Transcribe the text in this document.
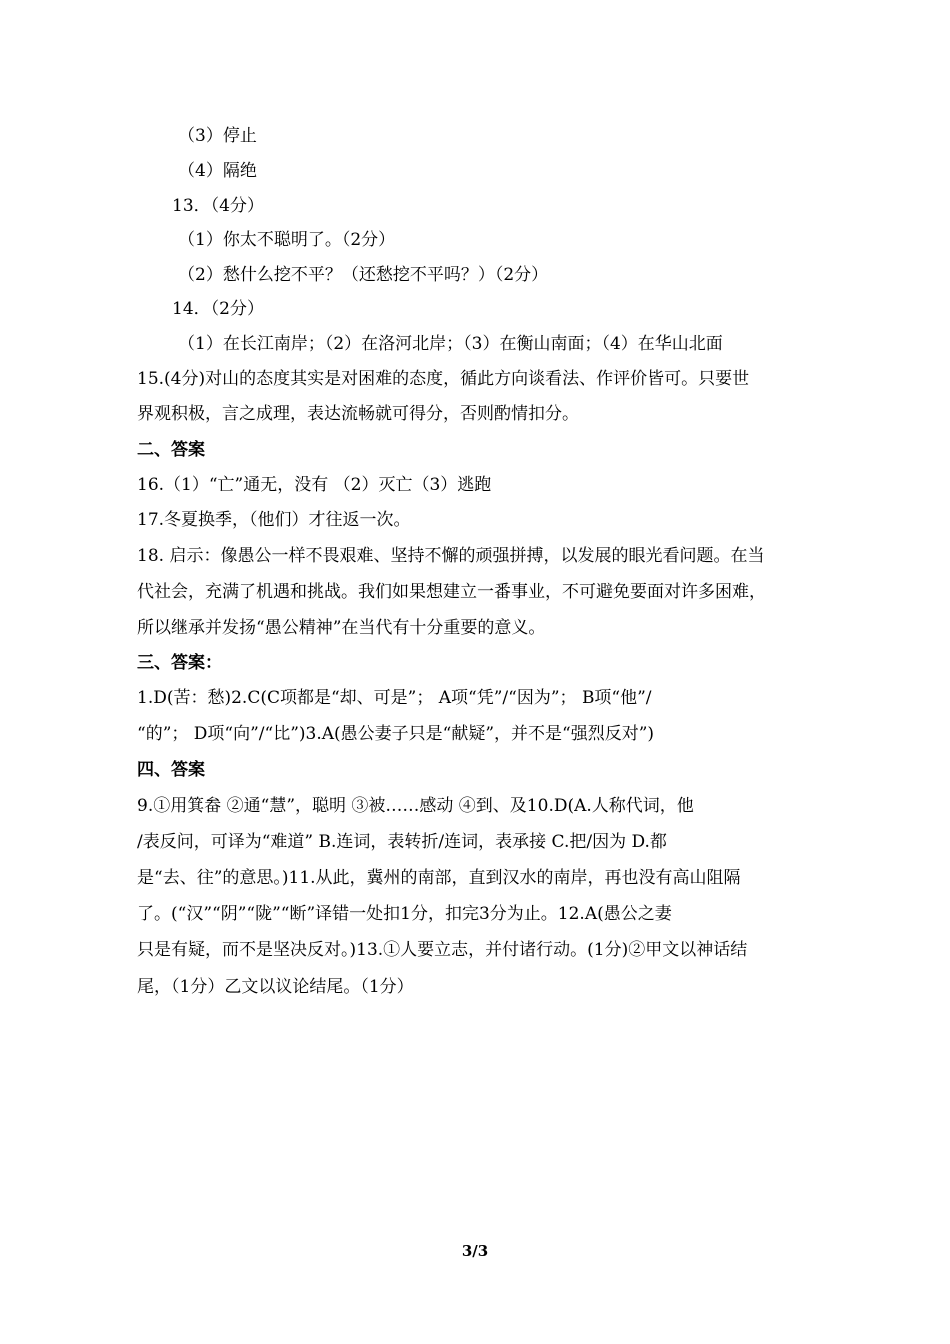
（3）停止
（4）隔绝
13．（4分）
（1）你太不聪明了。（2分）
（2）愁什么挖不平？（还愁挖不平吗？）（2分）
14．（2分）
（1）在长江南岸；（2）在洛河北岸；（3）在衡山南面；（4）在华山北面
15.(4分)对山的态度其实是对困难的态度，循此方向谈看法、作评价皆可。只要世
界观积极，言之成理，表达流畅就可得分，否则酌情扣分。
二、答案
16.（1）“亡”通无，没有 （2）灭亡（3）逃跑
17.冬夏换季，（他们）才往返一次。
18. 启示：像愚公一样不畏艰难、坚持不懈的顽强拼搏，以发展的眼光看问题。在当
代社会，充满了机遇和挑战。我们如果想建立一番事业，不可避免要面对许多困难，
所以继承并发扬“愚公精神”在当代有十分重要的意义。
三、答案：
1.D(苦：愁)2.C(C项都是“却、可是”； A项“凭”/“因为”； B项“他”/
“的”； D项“向”/“比”)3.A(愚公妻子只是“献疑”，并不是“强烈反对”)
四、答案
9.①用箕畚 ②通“慧”，聪明 ③被……感动 ④到、及10.D(A.人称代词，他
/表反问，可译为“难道” B.连词，表转折/连词，表承接 C.把/因为 D.都
是“去、往”的意思。)11.从此，冀州的南部，直到汉水的南岸，再也没有高山阻隔
了。(“汉”“阴”“陇”“断”译错一处扣1分，扣完3分为止。12.A(愚公之妻
只是有疑，而不是坚决反对。)13.①人要立志，并付诸行动。(1分)②甲文以神话结
尾，（1分）乙文以议论结尾。（1分）
3/3
